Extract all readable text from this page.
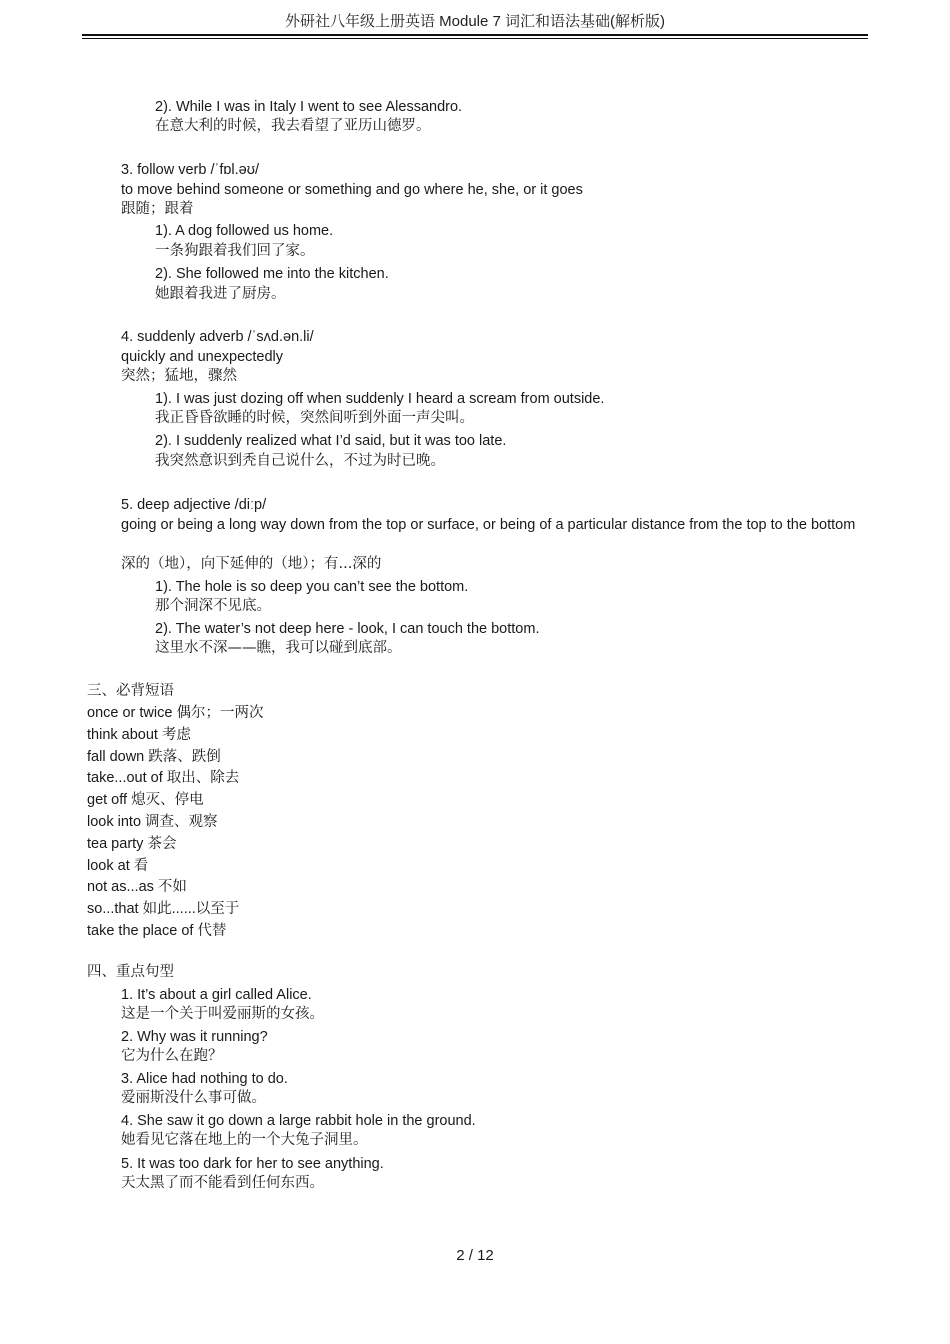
外研社八年级上册英语 Module 7 词汇和语法基础(解析版)
2). While I was in Italy I went to see Alessandro.
在意大利的时候，我去看望了亚历山德罗。
3. follow verb /ˈfɒl.əʊ/
to move behind someone or something and go where he, she, or it goes
跟随；跟着
1). A dog followed us home.
一条狗跟着我们回了家。
2). She followed me into the kitchen.
她跟着我进了厨房。
4. suddenly adverb /ˈsʌd.ən.li/
quickly and unexpectedly
突然；猛地，骤然
1). I was just dozing off when suddenly I heard a scream from outside.
我正昏昏欲睡的时候，突然间听到外面一声尖叫。
2). I suddenly realized what I’d said, but it was too late.
我突然意识到秃自己说什么，不过为时已晚。
5. deep adjective /diːp/
going or being a long way down from the top or surface, or being of a particular distance from the top to the bottom
深的（地），向下延伸的（地）；有...深的
1). The hole is so deep you can’t see the bottom.
那个洞深不见底。
2). The water’s not deep here - look, I can touch the bottom.
这里水不深——瞧，我可以碰到底部。
三、必背短语
once or twice 偶尔；一两次
think about 考虑
fall down 跌落、跌倒
take...out of 取出、除去
get off 熄灭、停电
look into 调查、观察
tea party 茶会
look at 看
not as...as 不如
so...that 如此......以至于
take the place of 代替
四、重点句型
1. It’s about a girl called Alice.
这是一个关于叫爱丽斯的女孩。
2. Why was it running?
它为什么在跑？
3. Alice had nothing to do.
爱丽斯没什么事可做。
4. She saw it go down a large rabbit hole in the ground.
她看见它落在地上的一个大兔子洞里。
5. It was too dark for her to see anything.
天太黑了而不能看到任何东西。
2 / 12
